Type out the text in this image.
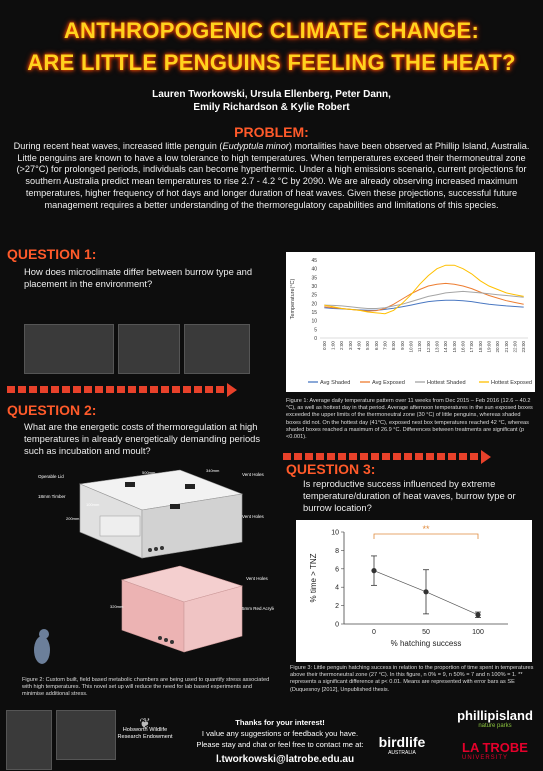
ANTHROPOGENIC CLIMATE CHANGE:
ARE LITTLE PENGUINS FEELING THE HEAT?
Lauren Tworkowski, Ursula Ellenberg, Peter Dann,
Emily Richardson & Kylie Robert
PROBLEM:
During recent heat waves, increased little penguin (Eudyptula minor) mortalities have been observed at Phillip Island, Australia. Little penguins are known to have a low tolerance to high temperatures. When temperatures exceed their thermoneutral zone (>27°C) for prolonged periods, individuals can become hyperthermic. Under a high emissions scenario, current projections for southern Australia predict mean temperatures to rise 2.7 - 4.2 °C by 2090. We are already observing increased maximum temperatures, higher frequency of hot days and longer duration of heat waves. Given these projections, successful future management requires a better understanding of the thermoregulatory capabilities and limitations of this species.
QUESTION 1:
How does microclimate differ between burrow type and placement in the environment?
0
5
10
15
20
25
30
35
40
45
0:00 1:00 2:00 3:00 4:00 5:00 6:00 7:00 8:00 9:00 10:00 11:00 12:00 13:00 14:00 15:00 16:00 17:00 18:00 19:00 20:00 21:00 22:00 23:00
Temperature(°C)
Avg Shaded	Avg Exposed	Hottest Shaded	Hottest Exposed
Figure 1: Average daily temperature pattern over 11 weeks from Dec 2015 – Feb 2016 (12.6 – 40.2 °C), as well as hottest day in that period. Average afternoon temperatures in the sun exposed boxes exceeded the upper limits of the thermoneutral zone (30 °C) of little penguins, whereas shaded boxes did not. On the hottest day (41°C), exposed nest box temperatures reached 42 °C, whereas shaded boxes reached a maximum of 26.9 °C. Differences between treatments are significant (p <0.001).
QUESTION 2:
What are the energetic costs of thermoregulation at high temperatures in already energetically demanding periods such as incubation and moult?
Operable Lid
18mm Timber
Vent Holes
Vent Holes
Vent Holes
5mm Red Acrylic
500mm	340mm
200mm
100mm
320mm
Figure 2: Custom built, field based metabolic chambers are being used to quantify stress associated with high temperatures. This novel set up will reduce the need for lab based experiments and minimise additional stress.
QUESTION 3:
Is reproductive success influenced by extreme temperature/duration of heat waves, burrow type or burrow location?
0
2
4
6
8
10
0	50	100
% hatching success
% time > TNZ
**
Figure 3: Little penguin hatching success in relation to the proportion of time spent in temperatures above their thermoneutral zone (27 °C). In this figure, n 0% = 9, n 50% = 7 and n 100% = 1. ** represents a significant difference at p< 0.01. Means are represented with error bars as SE (Duquesnoy [2012], Unpublished thesis.
❦
Holsworth Wildlife
Research Endowment
Thanks for your interest!
I value any suggestions or feedback you have.
Please stay and chat or feel free to contact me at:
l.tworkowski@latrobe.edu.au
birdlife
AUSTRALIA
phillipisland
nature parks
LA TROBE
UNIVERSITY
